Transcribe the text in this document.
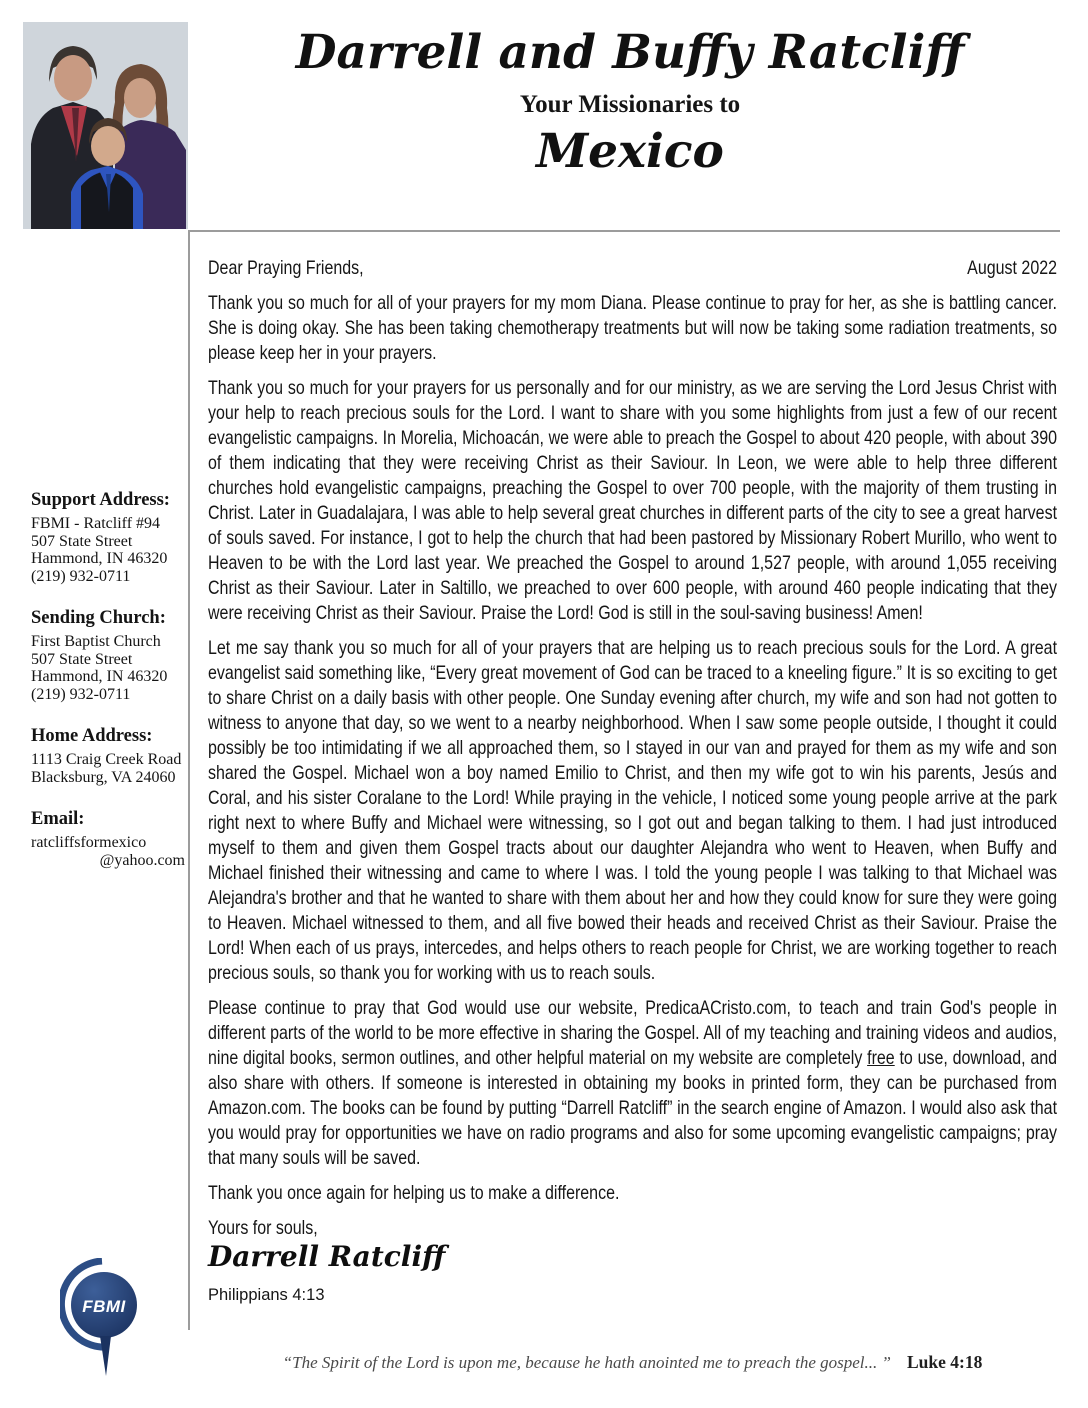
Darrell and Buffy Ratcliff
Your Missionaries to
Mexico
Support Address:
FBMI - Ratcliff #94
507 State Street
Hammond, IN 46320
(219) 932-0711
Sending Church:
First Baptist Church
507 State Street
Hammond, IN 46320
(219) 932-0711
Home Address:
1113 Craig Creek Road
Blacksburg, VA 24060
Email:
ratcliffsformexico
@yahoo.com
Dear Praying Friends,	August 2022

Thank you so much for all of your prayers for my mom Diana. Please continue to pray for her, as she is battling cancer. She is doing okay. She has been taking chemotherapy treatments but will now be taking some radiation treatments, so please keep her in your prayers.

Thank you so much for your prayers for us personally and for our ministry, as we are serving the Lord Jesus Christ with your help to reach precious souls for the Lord. I want to share with you some highlights from just a few of our recent evangelistic campaigns. In Morelia, Michoacán, we were able to preach the Gospel to about 420 people, with about 390 of them indicating that they were receiving Christ as their Saviour. In Leon, we were able to help three different churches hold evangelistic campaigns, preaching the Gospel to over 700 people, with the majority of them trusting in Christ. Later in Guadalajara, I was able to help several great churches in different parts of the city to see a great harvest of souls saved. For instance, I got to help the church that had been pastored by Missionary Robert Murillo, who went to Heaven to be with the Lord last year. We preached the Gospel to around 1,527 people, with around 1,055 receiving Christ as their Saviour. Later in Saltillo, we preached to over 600 people, with around 460 people indicating that they were receiving Christ as their Saviour. Praise the Lord! God is still in the soul-saving business! Amen!

Let me say thank you so much for all of your prayers that are helping us to reach precious souls for the Lord. A great evangelist said something like, “Every great movement of God can be traced to a kneeling figure.” It is so exciting to get to share Christ on a daily basis with other people. One Sunday evening after church, my wife and son had not gotten to witness to anyone that day, so we went to a nearby neighborhood. When I saw some people outside, I thought it could possibly be too intimidating if we all approached them, so I stayed in our van and prayed for them as my wife and son shared the Gospel. Michael won a boy named Emilio to Christ, and then my wife got to win his parents, Jesús and Coral, and his sister Coralane to the Lord! While praying in the vehicle, I noticed some young people arrive at the park right next to where Buffy and Michael were witnessing, so I got out and began talking to them. I had just introduced myself to them and given them Gospel tracts about our daughter Alejandra who went to Heaven, when Buffy and Michael finished their witnessing and came to where I was. I told the young people I was talking to that Michael was Alejandra's brother and that he wanted to share with them about her and how they could know for sure they were going to Heaven. Michael witnessed to them, and all five bowed their heads and received Christ as their Saviour. Praise the Lord! When each of us prays, intercedes, and helps others to reach people for Christ, we are working together to reach precious souls, so thank you for working with us to reach souls.

Please continue to pray that God would use our website, PredicaACristo.com, to teach and train God's people in different parts of the world to be more effective in sharing the Gospel. All of my teaching and training videos and audios, nine digital books, sermon outlines, and other helpful material on my website are completely free to use, download, and also share with others. If someone is interested in obtaining my books in printed form, they can be purchased from Amazon.com. The books can be found by putting “Darrell Ratcliff” in the search engine of Amazon. I would also ask that you would pray for opportunities we have on radio programs and also for some upcoming evangelistic campaigns; pray that many souls will be saved.

Thank you once again for helping us to make a difference.

Yours for souls,

Darrell Ratcliff
Philippians 4:13
FBMI
“The Spirit of the Lord is upon me, because he hath anointed me to preach the gospel... ” Luke 4:18
